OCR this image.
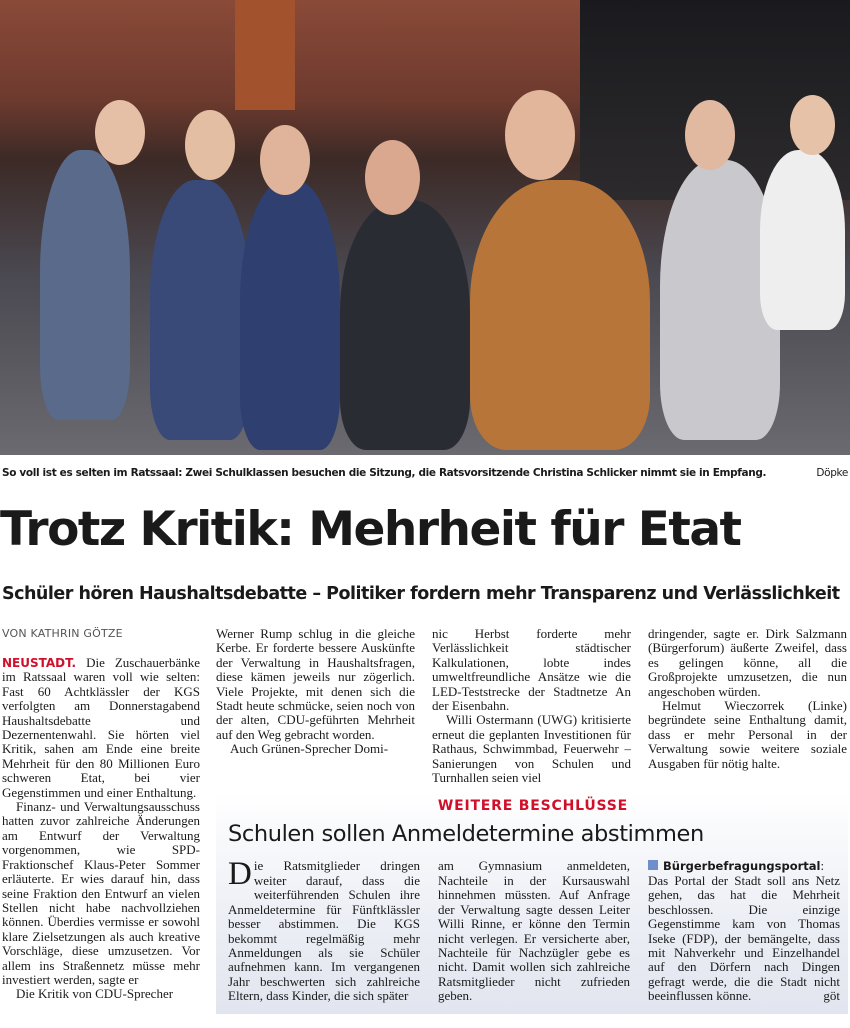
So voll ist es selten im Ratssaal: Zwei Schulklassen besuchen die Sitzung, die Ratsvorsitzende Christina Schlicker nimmt sie in Empfang.	Döpke
Trotz Kritik: Mehrheit für Etat
Schüler hören Haushaltsdebatte – Politiker fordern mehr Transparenz und Verlässlichkeit
VON KATHRIN GÖTZE

NEUSTADT. Die Zuschauerbänke im Ratssaal waren voll wie selten: Fast 60 Achtklässler der KGS verfolgten am Donnerstagabend Haushaltsdebatte und Dezernentenwahl. Sie hörten viel Kritik, sahen am Ende eine breite Mehrheit für den 80 Millionen Euro schweren Etat, bei vier Gegenstimmen und einer Enthaltung.

Finanz- und Verwaltungsausschuss hatten zuvor zahlreiche Änderungen am Entwurf der Verwaltung vorgenommen, wie SPD-Fraktionschef Klaus-Peter Sommer erläuterte. Er wies darauf hin, dass seine Fraktion den Entwurf an vielen Stellen nicht habe nachvollziehen können. Überdies vermisse er sowohl klare Zielsetzungen als auch kreative Vorschläge, diese umzusetzen. Vor allem ins Straßennetz müsse mehr investiert werden, sagte er

Die Kritik von CDU-Sprecher

Werner Rump schlug in die gleiche Kerbe. Er forderte bessere Auskünfte der Verwaltung in Haushaltsfragen, diese kämen jeweils nur zögerlich. Viele Projekte, mit denen sich die Stadt heute schmücke, seien noch von der alten, CDU-geführten Mehrheit auf den Weg gebracht worden.

Auch Grünen-Sprecher Domi-

nic Herbst forderte mehr Verlässlichkeit städtischer Kalkulationen, lobte indes umweltfreundliche Ansätze wie die LED-Teststrecke der Stadtnetze An der Eisenbahn.

Willi Ostermann (UWG) kritisierte erneut die geplanten Investitionen für Rathaus, Schwimmbad, Feuerwehr – Sanierungen von Schulen und Turnhallen seien viel

dringender, sagte er. Dirk Salzmann (Bürgerforum) äußerte Zweifel, dass es gelingen könne, all die Großprojekte umzusetzen, die nun angeschoben würden.

Helmut Wieczorrek (Linke) begründete seine Enthaltung damit, dass er mehr Personal in der Verwaltung sowie weitere soziale Ausgaben für nötig halte.

WEITERE BESCHLÜSSE
Schulen sollen Anmeldetermine abstimmen

Die Ratsmitglieder dringen weiter darauf, dass die weiterführenden Schulen ihre Anmeldetermine für Fünftklässler besser abstimmen. Die KGS bekommt regelmäßig mehr Anmeldungen als sie Schüler aufnehmen kann. Im vergangenen Jahr beschwerten sich zahlreiche Eltern, dass Kinder, die sich später

am Gymnasium anmeldeten, Nachteile in der Kursauswahl hinnehmen müssten. Auf Anfrage der Verwaltung sagte dessen Leiter Willi Rinne, er könne den Termin nicht verlegen. Er versicherte aber, Nachteile für Nachzügler gebe es nicht. Damit wollen sich zahlreiche Ratsmitglieder nicht zufrieden geben.

Bürgerbefragungsportal: Das Portal der Stadt soll ans Netz gehen, das hat die Mehrheit beschlossen. Die einzige Gegenstimme kam von Thomas Iseke (FDP), der bemängelte, dass mit Nahverkehr und Einzelhandel auf den Dörfern nach Dingen gefragt werde, die die Stadt nicht beeinflussen könne.	göt
